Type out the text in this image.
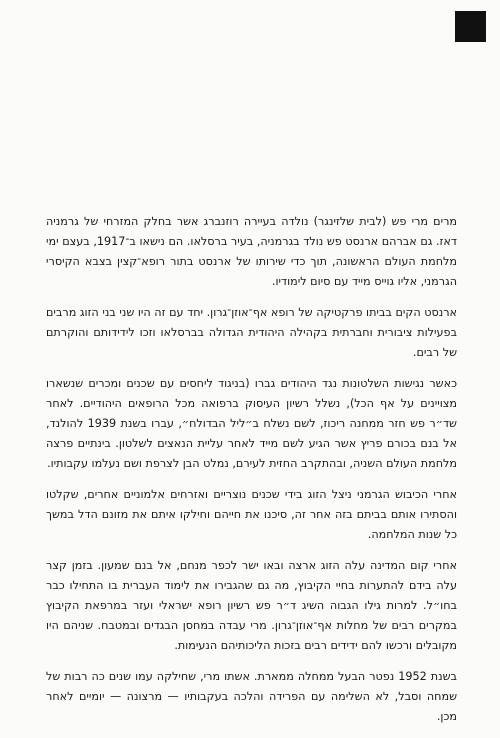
מרים מרי פש (לבית שלזינגר) נולדה בעיירה רוזנברג אשר בחלק המזרחי של גרמניה דאז. גם אברהם ארנסט פש נולד בגרמניה, בעיר ברסלאו. הם נישאו ב־1917, בעצם ימי מלחמת העולם הראשונה, תוך כדי שירותו של ארנסט בתור רופא־קצין בצבא הקיסרי הגרמני, אליו גוייס מייד עם סיום לימודיו.

ארנסט הקים בביתו פרקטיקה של רופא אף־אוזן־גרון. יחד עם זה היו שני בני הזוג מרבים בפעילות ציבורית וחברתית בקהילה היהודית הגדולה בברסלאו וזכו לידידותם והוקרתם של רבים.

כאשר נגישות השלטונות נגד היהודים גברו (בניגוד ליחסים עם שכנים ומכרים שנשארו מצויינים על אף הכל), נשלל רשיון העיסוק ברפואה מכל הרופאים היהודיים. לאחר שד״ר פש חזר ממחנה ריכוז, לשם נשלח ב״ליל הבדולח״, עברו בשנת 1939 להולנד, אל בנם בכורם פריץ אשר הגיע לשם מייד לאחר עליית הנאצים לשלטון. בינתיים פרצה מלחמת העולם השניה, ובהתקרב החזית לעירם, נמלט הבן לצרפת ושם נעלמו עקבותיו.

אחרי הכיבוש הגרמני ניצל הזוג בידי שכנים נוצריים ואזרחים אלמוניים אחרים, שקלטו והסתירו אותם בביתם בזה אחר זה, סיכנו את חייהם וחילקו איתם את מזונם הדל במשך כל שנות המלחמה.

אחרי קום המדינה עלה הזוג ארצה ובאו ישר לכפר מנחם, אל בנם שמעון. בזמן קצר עלה בידם להתערות בחיי הקיבוץ, מה גם שהגבירו את לימוד העברית בו התחילו כבר בחו״ל. למרות גילו הגבוה השיג ד״ר פש רשיון רופא ישראלי ועזר במרפאת הקיבוץ במקרים רבים של מחלות אף־אוזן־גרון. מרי עבדה במחסן הבגדים ובמטבח. שניהם היו מקובלים ורכשו להם ידידים רבים בזכות הליכותיהם הנעימות.

בשנת 1952 נפטר הבעל ממחלה ממארת. אשתו מרי, שחילקה עמו שנים כה רבות של שמחה וסבל, לא השלימה עם הפרידה והלכה בעקבותיו — מרצונה — יומיים לאחר מכן.
